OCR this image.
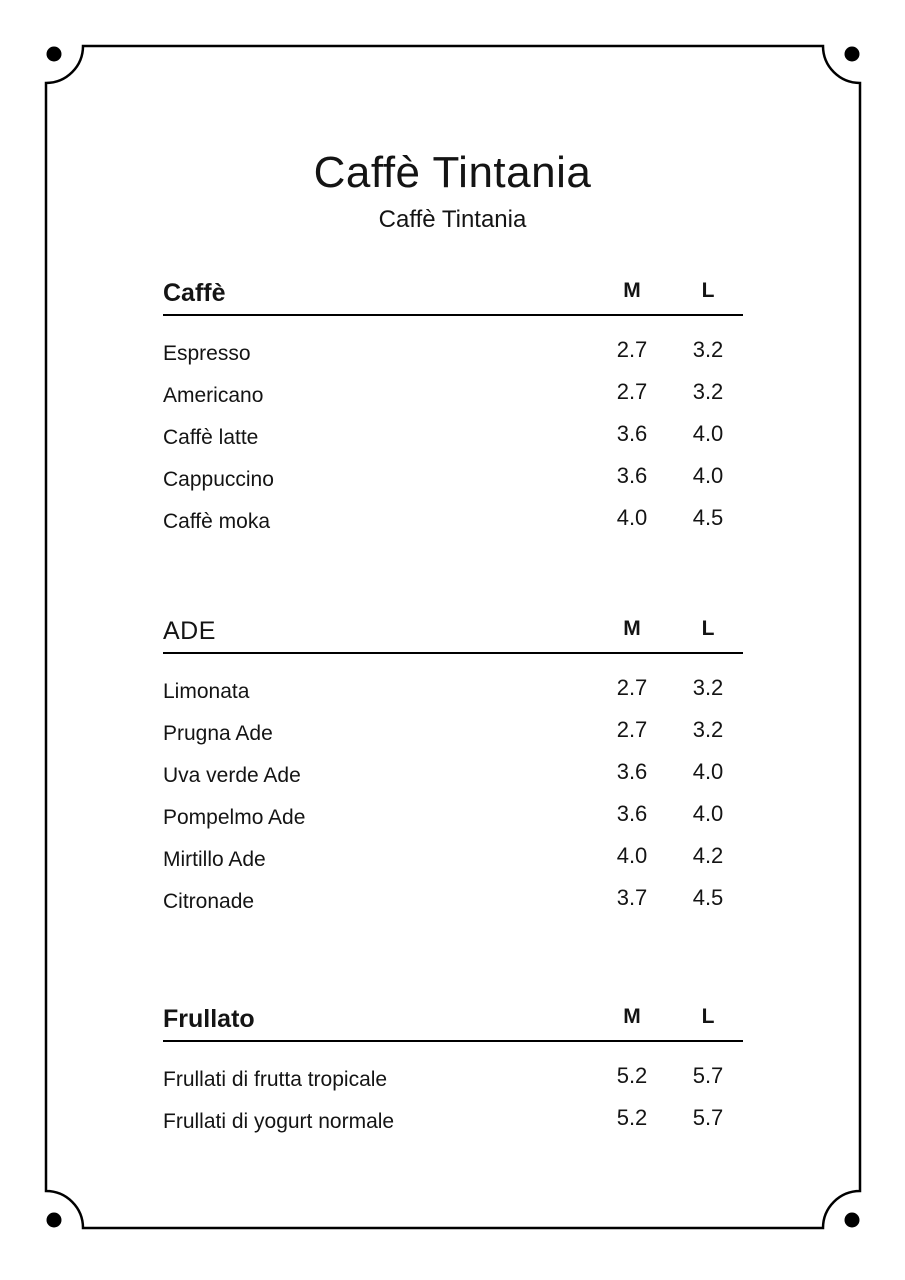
Caffè Tintania
Caffè Tintania
Caffè	M	L
Espresso	2.7	3.2
Americano	2.7	3.2
Caffè latte	3.6	4.0
Cappuccino	3.6	4.0
Caffè moka	4.0	4.5
ADE	M	L
Limonata	2.7	3.2
Prugna Ade	2.7	3.2
Uva verde Ade	3.6	4.0
Pompelmo Ade	3.6	4.0
Mirtillo Ade	4.0	4.2
Citronade	3.7	4.5
Frullato	M	L
Frullati di frutta tropicale	5.2	5.7
Frullati di yogurt normale	5.2	5.7
